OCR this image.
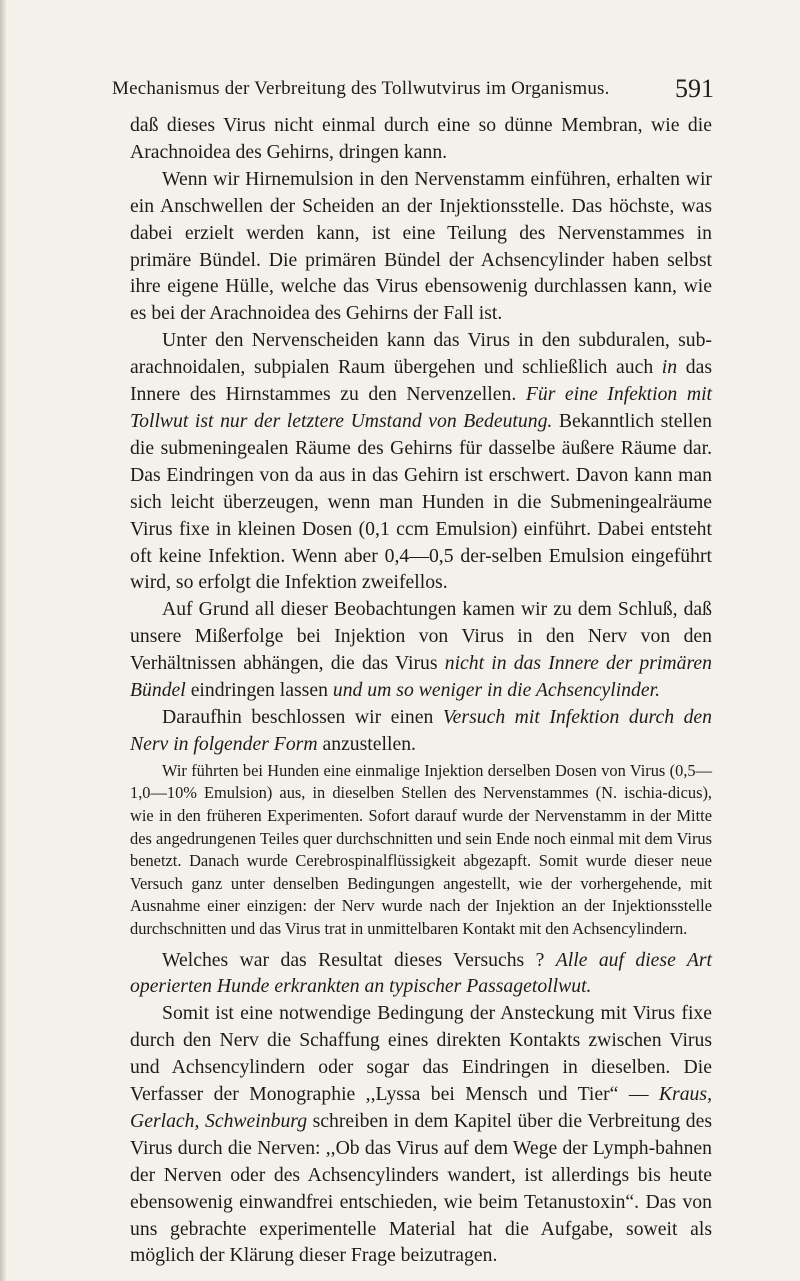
Mechanismus der Verbreitung des Tollwutvirus im Organismus.	591

daß dieses Virus nicht einmal durch eine so dünne Membran, wie die Arachnoidea des Gehirns, dringen kann.

Wenn wir Hirnemulsion in den Nervenstamm einführen, erhalten wir ein Anschwellen der Scheiden an der Injektionsstelle. Das höchste, was dabei erzielt werden kann, ist eine Teilung des Nervenstammes in primäre Bündel. Die primären Bündel der Achsencylinder haben selbst ihre eigene Hülle, welche das Virus ebensowenig durchlassen kann, wie es bei der Arachnoidea des Gehirns der Fall ist.

Unter den Nervenscheiden kann das Virus in den subduralen, sub-arachnoidalen, subpialen Raum übergehen und schließlich auch in das Innere des Hirnstammes zu den Nervenzellen. Für eine Infektion mit Tollwut ist nur der letztere Umstand von Bedeutung. Bekanntlich stellen die submeningealen Räume des Gehirns für dasselbe äußere Räume dar. Das Eindringen von da aus in das Gehirn ist erschwert. Davon kann man sich leicht überzeugen, wenn man Hunden in die Submeningealräume Virus fixe in kleinen Dosen (0,1 ccm Emulsion) einführt. Dabei entsteht oft keine Infektion. Wenn aber 0,4—0,5 der-selben Emulsion eingeführt wird, so erfolgt die Infektion zweifellos.

Auf Grund all dieser Beobachtungen kamen wir zu dem Schluß, daß unsere Mißerfolge bei Injektion von Virus in den Nerv von den Verhältnissen abhängen, die das Virus nicht in das Innere der primären Bündel eindringen lassen und um so weniger in die Achsencylinder.

Daraufhin beschlossen wir einen Versuch mit Infektion durch den Nerv in folgender Form anzustellen.

Wir führten bei Hunden eine einmalige Injektion derselben Dosen von Virus (0,5—1,0—10% Emulsion) aus, in dieselben Stellen des Nervenstammes (N. ischia-dicus), wie in den früheren Experimenten. Sofort darauf wurde der Nervenstamm in der Mitte des angedrungenen Teiles quer durchschnitten und sein Ende noch einmal mit dem Virus benetzt. Danach wurde Cerebrospinalflüssigkeit abgezapft. Somit wurde dieser neue Versuch ganz unter denselben Bedingungen angestellt, wie der vorhergehende, mit Ausnahme einer einzigen: der Nerv wurde nach der Injektion an der Injektionsstelle durchschnitten und das Virus trat in unmittelbaren Kontakt mit den Achsencylindern.

Welches war das Resultat dieses Versuchs ? Alle auf diese Art operierten Hunde erkrankten an typischer Passagetollwut.

Somit ist eine notwendige Bedingung der Ansteckung mit Virus fixe durch den Nerv die Schaffung eines direkten Kontakts zwischen Virus und Achsencylindern oder sogar das Eindringen in dieselben. Die Verfasser der Monographie ,,Lyssa bei Mensch und Tier“ — Kraus, Gerlach, Schweinburg schreiben in dem Kapitel über die Verbreitung des Virus durch die Nerven: ,,Ob das Virus auf dem Wege der Lymph-bahnen der Nerven oder des Achsencylinders wandert, ist allerdings bis heute ebensowenig einwandfrei entschieden, wie beim Tetanustoxin“. Das von uns gebrachte experimentelle Material hat die Aufgabe, soweit als möglich der Klärung dieser Frage beizutragen.
